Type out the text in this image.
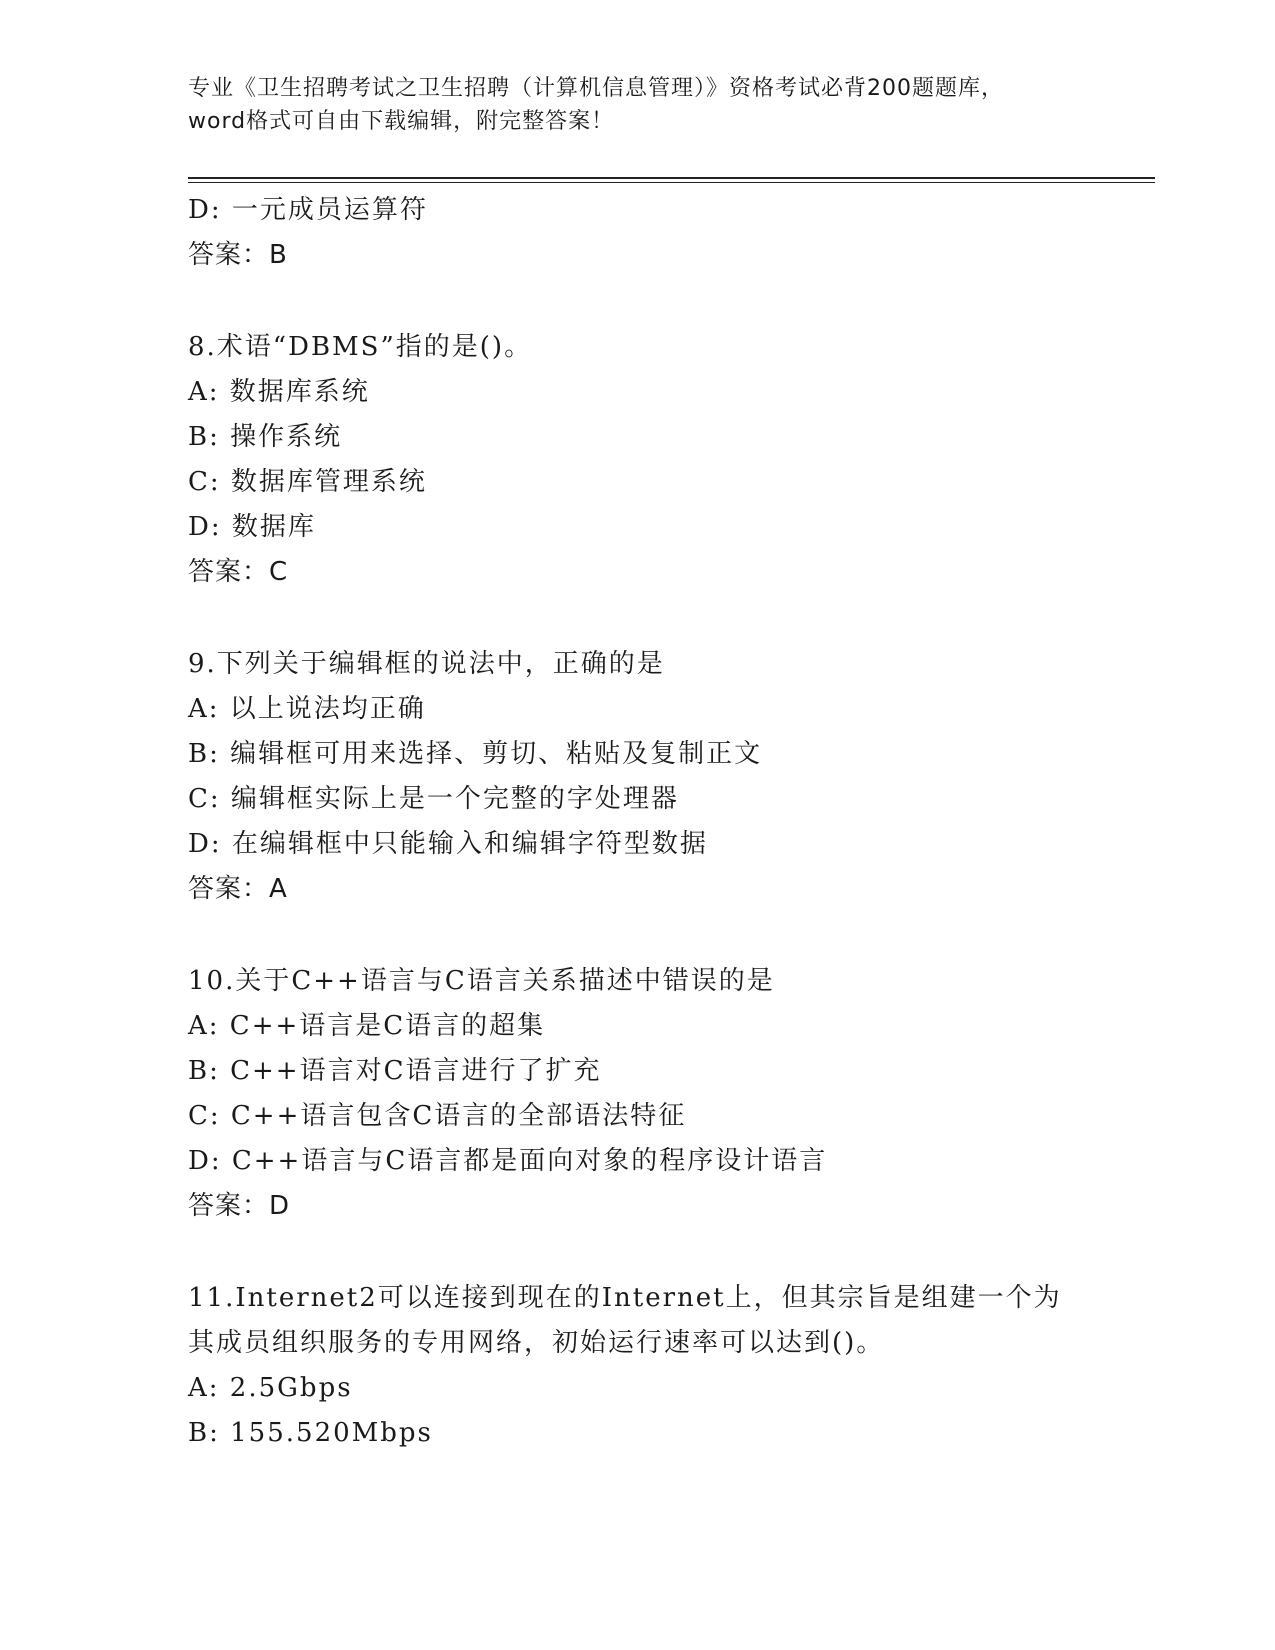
专业《卫生招聘考试之卫生招聘（计算机信息管理）》资格考试必背200题题库，
word格式可自由下载编辑，附完整答案！
D: 一元成员运算符
答案：B
8.术语“DBMS”指的是()。
A: 数据库系统
B: 操作系统
C: 数据库管理系统
D: 数据库
答案：C
9.下列关于编辑框的说法中，正确的是
A: 以上说法均正确
B: 编辑框可用来选择、剪切、粘贴及复制正文
C: 编辑框实际上是一个完整的字处理器
D: 在编辑框中只能输入和编辑字符型数据
答案：A
10.关于C++语言与C语言关系描述中错误的是
A: C++语言是C语言的超集
B: C++语言对C语言进行了扩充
C: C++语言包含C语言的全部语法特征
D: C++语言与C语言都是面向对象的程序设计语言
答案：D
11.Internet2可以连接到现在的Internet上，但其宗旨是组建一个为
其成员组织服务的专用网络，初始运行速率可以达到()。
A: 2.5Gbps
B: 155.520Mbps
